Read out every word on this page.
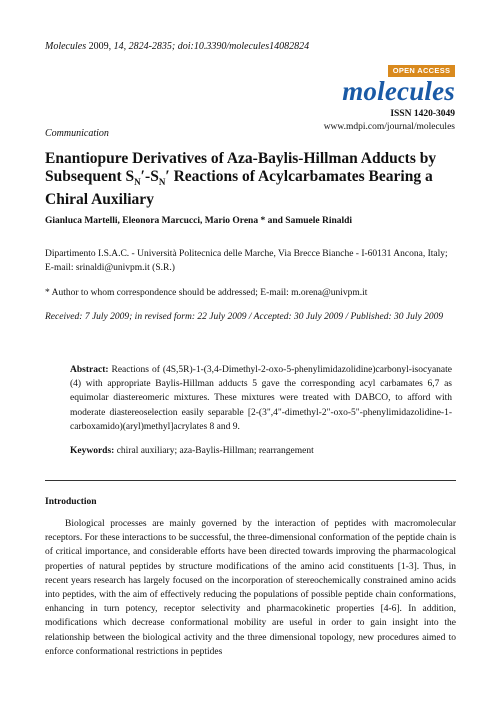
Molecules 2009, 14, 2824-2835; doi:10.3390/molecules14082824
OPEN ACCESS
molecules
ISSN 1420-3049
www.mdpi.com/journal/molecules
Communication
Enantiopure Derivatives of Aza-Baylis-Hillman Adducts by Subsequent $S_N'-S_N'$ Reactions of Acylcarbamates Bearing a Chiral Auxiliary
Gianluca Martelli, Eleonora Marcucci, Mario Orena * and Samuele Rinaldi
Dipartimento I.S.A.C. - Università Politecnica delle Marche, Via Brecce Bianche - I-60131 Ancona, Italy; E-mail: srinaldi@univpm.it (S.R.)
* Author to whom correspondence should be addressed; E-mail: m.orena@univpm.it
Received: 7 July 2009; in revised form: 22 July 2009 / Accepted: 30 July 2009 / Published: 30 July 2009
Abstract: Reactions of (4S,5R)-1-(3,4-Dimethyl-2-oxo-5-phenylimidazolidine)carbonyl-isocyanate (4) with appropriate Baylis-Hillman adducts 5 gave the corresponding acyl carbamates 6,7 as equimolar diastereomeric mixtures. These mixtures were treated with DABCO, to afford with moderate diastereoselection easily separable [2-(3",4"-dimethyl-2"-oxo-5"-phenylimidazolidine-1-carboxamido)(aryl)methyl]acrylates 8 and 9.
Keywords: chiral auxiliary; aza-Baylis-Hillman; rearrangement
Introduction
Biological processes are mainly governed by the interaction of peptides with macromolecular receptors. For these interactions to be successful, the three-dimensional conformation of the peptide chain is of critical importance, and considerable efforts have been directed towards improving the pharmacological properties of natural peptides by structure modifications of the amino acid constituents [1-3]. Thus, in recent years research has largely focused on the incorporation of stereochemically constrained amino acids into peptides, with the aim of effectively reducing the populations of possible peptide chain conformations, enhancing in turn potency, receptor selectivity and pharmacokinetic properties [4-6]. In addition, modifications which decrease conformational mobility are useful in order to gain insight into the relationship between the biological activity and the three dimensional topology, new procedures aimed to enforce conformational restrictions in peptides
